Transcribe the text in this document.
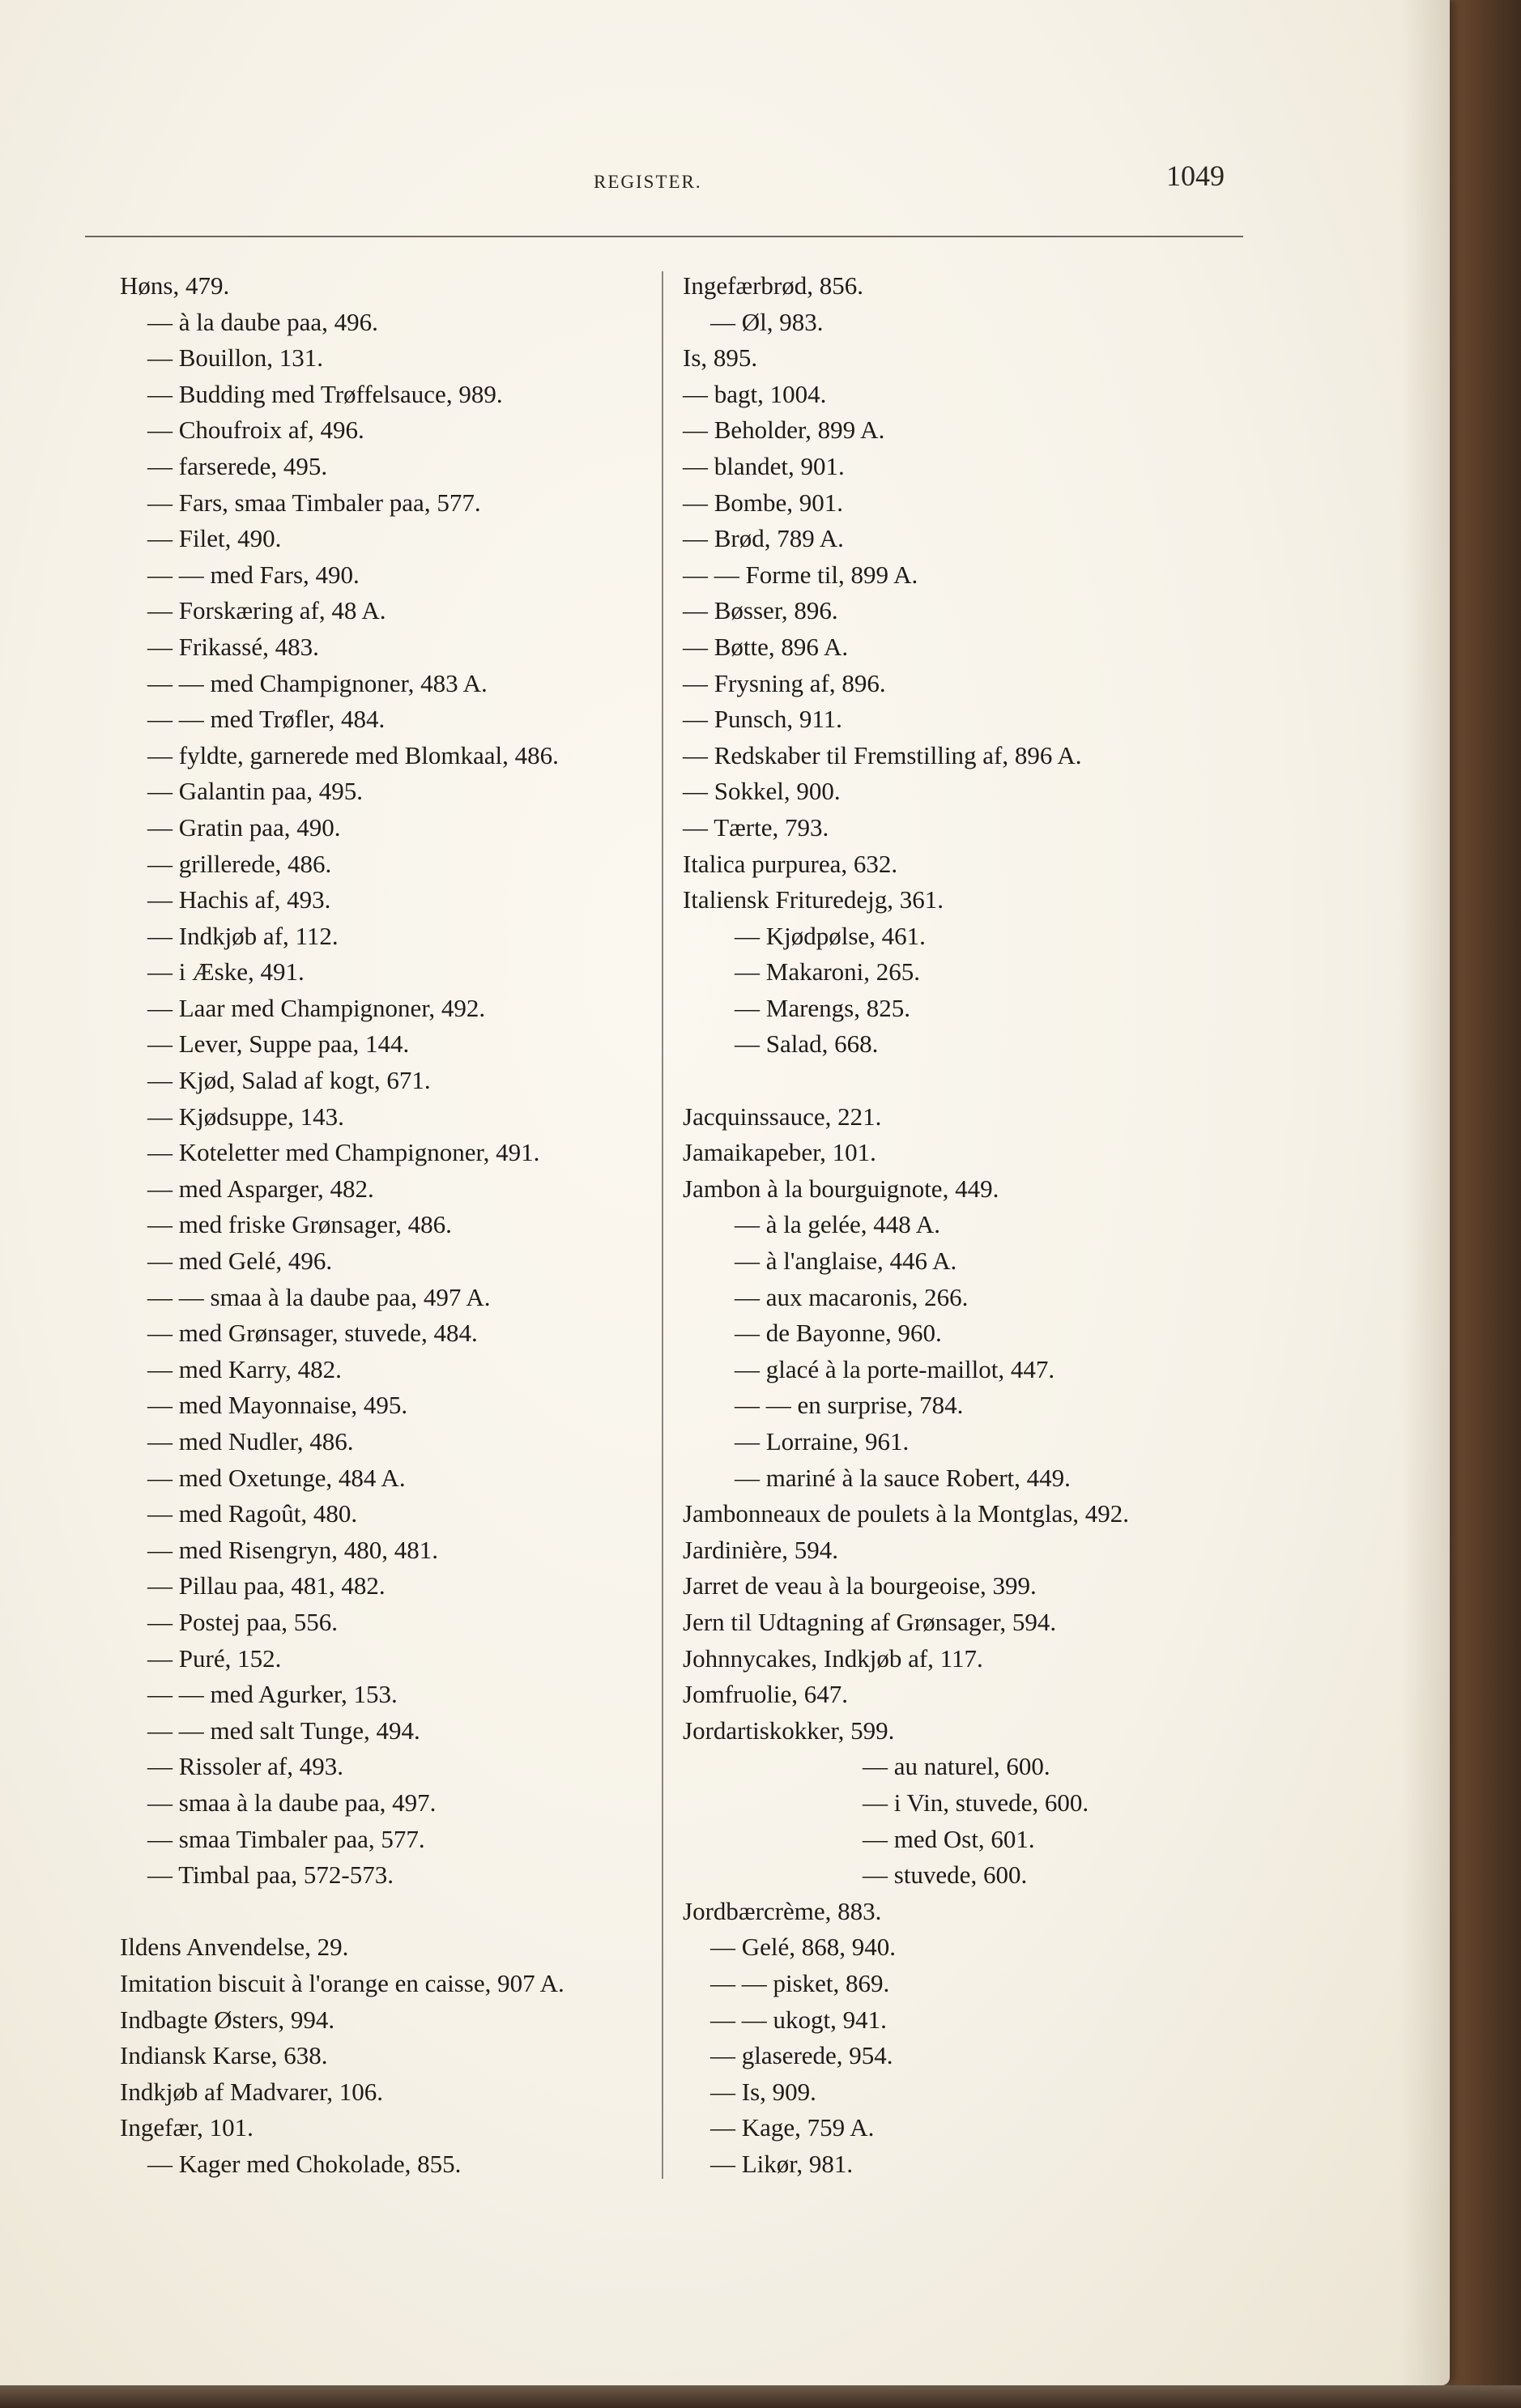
REGISTER.	1049
Høns, 479.
— à la daube paa, 496.
— Bouillon, 131.
— Budding med Trøffelsauce, 989.
— Choufroix af, 496.
— farserede, 495.
— Fars, smaa Timbaler paa, 577.
— Filet, 490.
— — med Fars, 490.
— Forskæring af, 48 A.
— Frikassé, 483.
— — med Champignoner, 483 A.
— — med Trøfler, 484.
— fyldte, garnerede med Blomkaal, 486.
— Galantin paa, 495.
— Gratin paa, 490.
— grillerede, 486.
— Hachis af, 493.
— Indkjøb af, 112.
— i Æske, 491.
— Laar med Champignoner, 492.
— Lever, Suppe paa, 144.
— Kjød, Salad af kogt, 671.
— Kjødsuppe, 143.
— Koteletter med Champignoner, 491.
— med Asparger, 482.
— med friske Grønsager, 486.
— med Gelé, 496.
— — smaa à la daube paa, 497 A.
— med Grønsager, stuvede, 484.
— med Karry, 482.
— med Mayonnaise, 495.
— med Nudler, 486.
— med Oxetunge, 484 A.
— med Ragoût, 480.
— med Risengryn, 480, 481.
— Pillau paa, 481, 482.
— Postej paa, 556.
— Puré, 152.
— — med Agurker, 153.
— — med salt Tunge, 494.
— Rissoler af, 493.
— smaa à la daube paa, 497.
— smaa Timbaler paa, 577.
— Timbal paa, 572-573.
Ildens Anvendelse, 29.
Imitation biscuit à l'orange en caisse, 907 A.
Indbagte Østers, 994.
Indiansk Karse, 638.
Indkjøb af Madvarer, 106.
Ingefær, 101.
— Kager med Chokolade, 855.
Ingefærbrød, 856.
— Øl, 983.
Is, 895.
— bagt, 1004.
— Beholder, 899 A.
— blandet, 901.
— Bombe, 901.
— Brød, 789 A.
— — Forme til, 899 A.
— Bøsser, 896.
— Bøtte, 896 A.
— Frysning af, 896.
— Punsch, 911.
— Redskaber til Fremstilling af, 896 A.
— Sokkel, 900.
— Tærte, 793.
Italica purpurea, 632.
Italiensk Frituredejg, 361.
— Kjødpølse, 461.
— Makaroni, 265.
— Marengs, 825.
— Salad, 668.
Jacquinssauce, 221.
Jamaikapeber, 101.
Jambon à la bourguignote, 449.
— à la gelée, 448 A.
— à l'anglaise, 446 A.
— aux macaronis, 266.
— de Bayonne, 960.
— glacé à la porte-maillot, 447.
— — en surprise, 784.
— Lorraine, 961.
— mariné à la sauce Robert, 449.
Jambonneaux de poulets à la Montglas, 492.
Jardinière, 594.
Jarret de veau à la bourgeoise, 399.
Jern til Udtagning af Grønsager, 594.
Johnnycakes, Indkjøb af, 117.
Jomfruolie, 647.
Jordartiskokker, 599.
— au naturel, 600.
— i Vin, stuvede, 600.
— med Ost, 601.
— stuvede, 600.
Jordbærcrème, 883.
— Gelé, 868, 940.
— — pisket, 869.
— — ukogt, 941.
— glaserede, 954.
— Is, 909.
— Kage, 759 A.
— Likør, 981.
